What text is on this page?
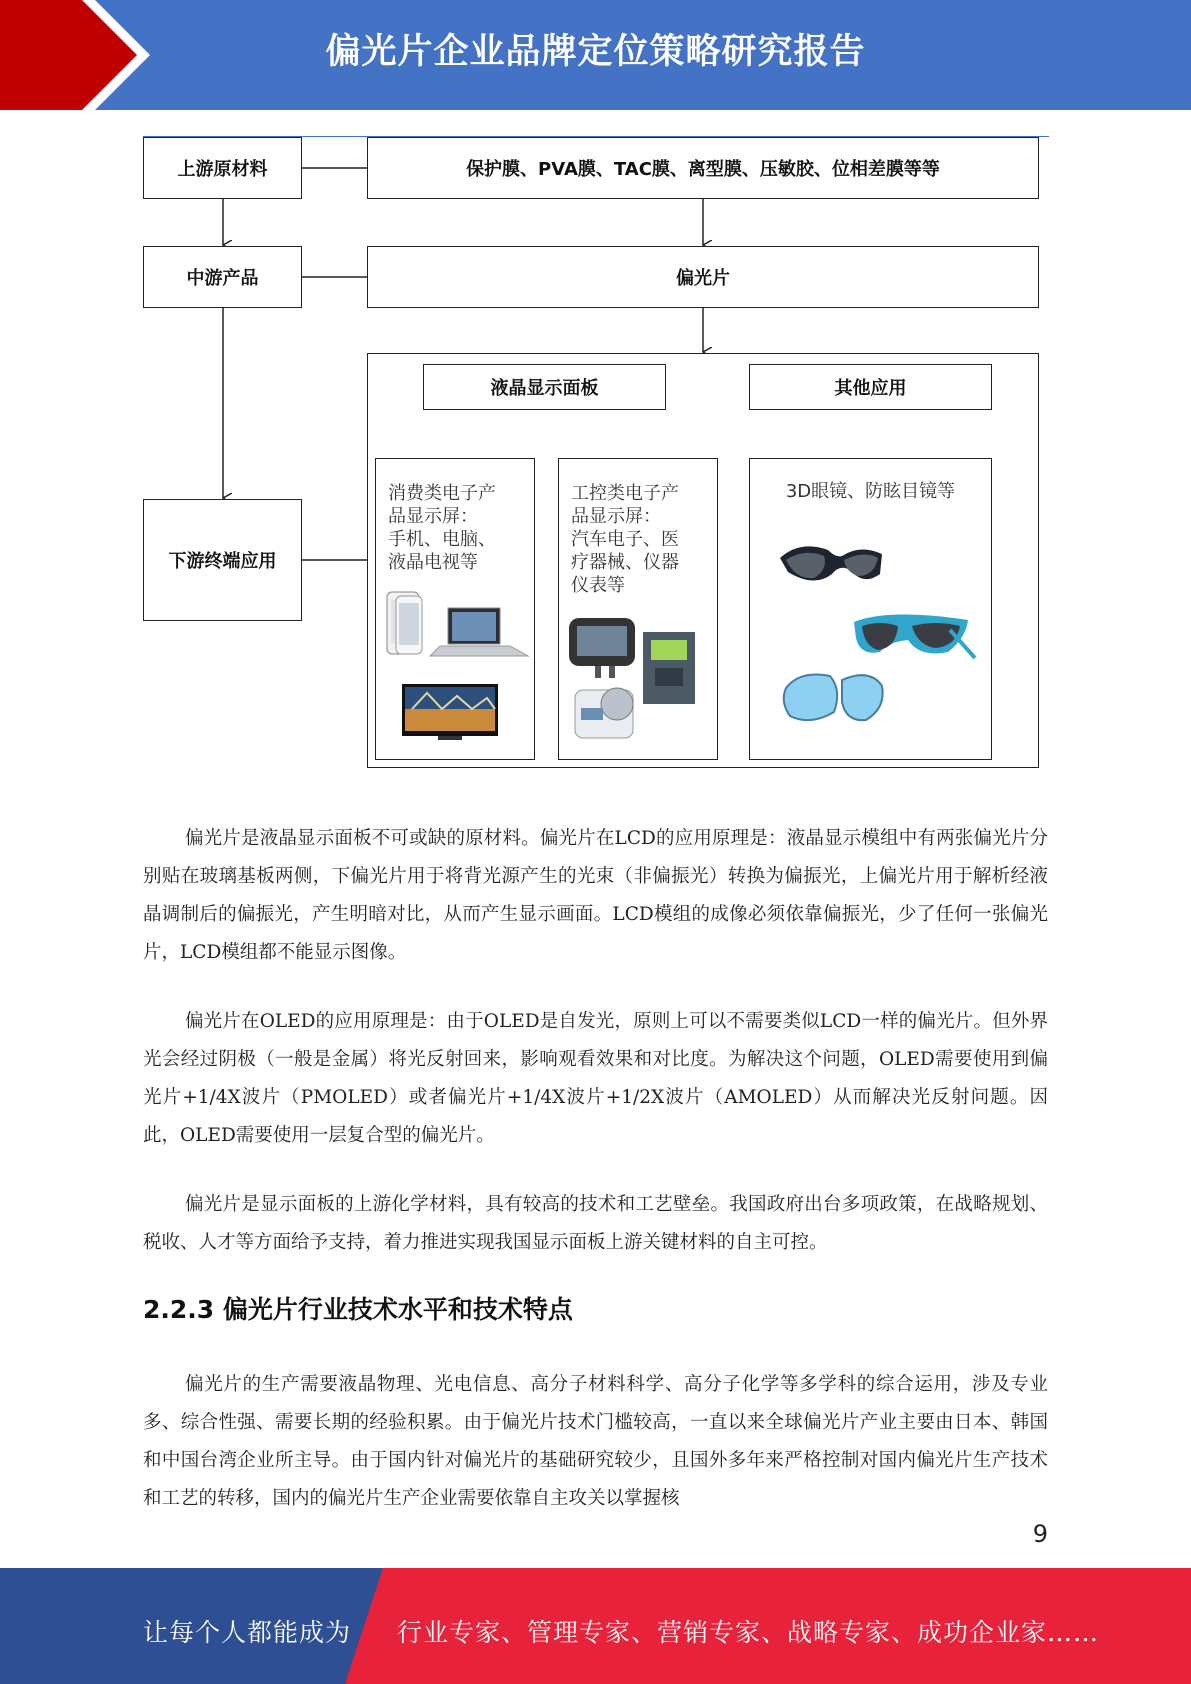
偏光片企业品牌定位策略研究报告
上游原材料	保护膜、PVA膜、TAC膜、离型膜、压敏胶、位相差膜等等
中游产品	偏光片
下游终端应用
液晶显示面板	其他应用
消费类电子产
品显示屏：
手机、电脑、
液晶电视等
工控类电子产
品显示屏：
汽车电子、医
疗器械、仪器
仪表等
3D眼镜、防眩目镜等

偏光片是液晶显示面板不可或缺的原材料。偏光片在LCD的应用原理是：液晶显示模组中有两张偏光片分别贴在玻璃基板两侧，下偏光片用于将背光源产生的光束（非偏振光）转换为偏振光，上偏光片用于解析经液晶调制后的偏振光，产生明暗对比，从而产生显示画面。LCD模组的成像必须依靠偏振光，少了任何一张偏光片，LCD模组都不能显示图像。

偏光片在OLED的应用原理是：由于OLED是自发光，原则上可以不需要类似LCD一样的偏光片。但外界光会经过阴极（一般是金属）将光反射回来，影响观看效果和对比度。为解决这个问题，OLED需要使用到偏光片+1/4X波片（PMOLED）或者偏光片+1/4X波片+1/2X波片（AMOLED）从而解决光反射问题。因此，OLED需要使用一层复合型的偏光片。

偏光片是显示面板的上游化学材料，具有较高的技术和工艺壁垒。我国政府出台多项政策，在战略规划、税收、人才等方面给予支持，着力推进实现我国显示面板上游关键材料的自主可控。

2.2.3 偏光片行业技术水平和技术特点

偏光片的生产需要液晶物理、光电信息、高分子材料科学、高分子化学等多学科的综合运用，涉及专业多、综合性强、需要长期的经验积累。由于偏光片技术门槛较高，一直以来全球偏光片产业主要由日本、韩国和中国台湾企业所主导。由于国内针对偏光片的基础研究较少，且国外多年来严格控制对国内偏光片生产技术和工艺的转移，国内的偏光片生产企业需要依靠自主攻关以掌握核

9
让每个人都能成为 行业专家、管理专家、营销专家、战略专家、成功企业家……
